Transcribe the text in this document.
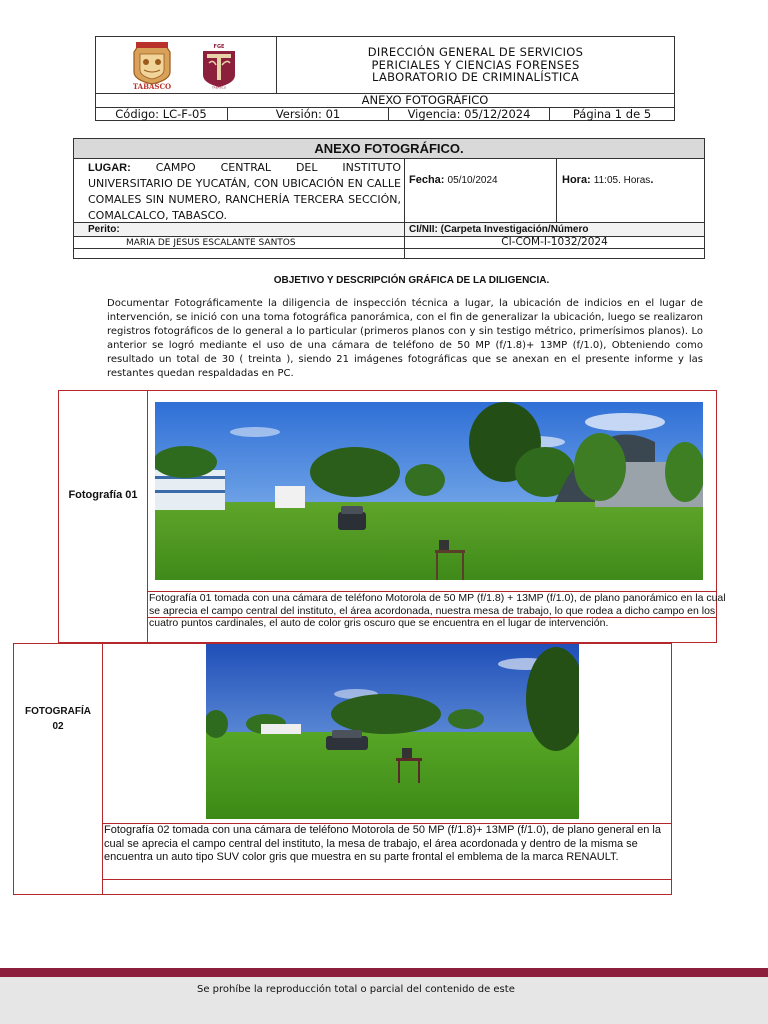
TABASCO
FGE
TABASCO
DIRECCIÓN GENERAL DE SERVICIOS
PERICIALES Y CIENCIAS FORENSES
LABORATORIO DE CRIMINALÍSTICA
ANEXO FOTOGRÁFICO
Código: LC-F-05	Versión: 01	Vigencia: 05/12/2024	Página 1 de 5
ANEXO FOTOGRÁFICO.
LUGAR: CAMPO CENTRAL DEL INSTITUTO UNIVERSITARIO DE YUCATÁN, CON UBICACIÓN EN CALLE COMALES SIN NUMERO, RANCHERÍA TERCERA SECCIÓN, COMALCALCO, TABASCO.
Fecha: 05/10/2024	Hora: 11:05. Horas.
Perito:	CI/NII: (Carpeta Investigación/Número
MARIA DE JESUS ESCALANTE SANTOS	CI-COM-I-1032/2024
OBJETIVO Y DESCRIPCIÓN GRÁFICA DE LA DILIGENCIA.
Documentar Fotográficamente la diligencia de inspección técnica a lugar, la ubicación de indicios en el lugar de intervención, se inició con una toma fotográfica panorámica, con el fin de generalizar la ubicación, luego se realizaron registros fotográficos de lo general a lo particular (primeros planos con y sin testigo métrico, primerísimos planos). Lo anterior se logró mediante el uso de una cámara de teléfono de 50 MP (f/1.8)+ 13MP (f/1.0), Obteniendo como resultado un total de 30 ( treinta ), siendo 21 imágenes fotográficas que se anexan en el presente informe y las restantes quedan respaldadas en PC.
Fotografía 01
Fotografía 01 tomada con una cámara de teléfono Motorola de 50 MP (f/1.8) + 13MP (f/1.0), de plano panorámico en la cual se aprecia el campo central del instituto, el área acordonada, nuestra mesa de trabajo, lo que rodea a dicho campo en los cuatro puntos cardinales, el auto de color gris oscuro que se encuentra en el lugar de intervención.
FOTOGRAFÍA
02
Fotografía 02 tomada con una cámara de teléfono Motorola de 50 MP (f/1.8)+ 13MP (f/1.0), de plano general en la cual se aprecia el campo central del instituto, la mesa de trabajo, el área acordonada y dentro de la misma se encuentra un auto tipo SUV color gris que muestra en su parte frontal el emblema de la marca RENAULT.
Se prohíbe la reproducción total o parcial del contenido de este
